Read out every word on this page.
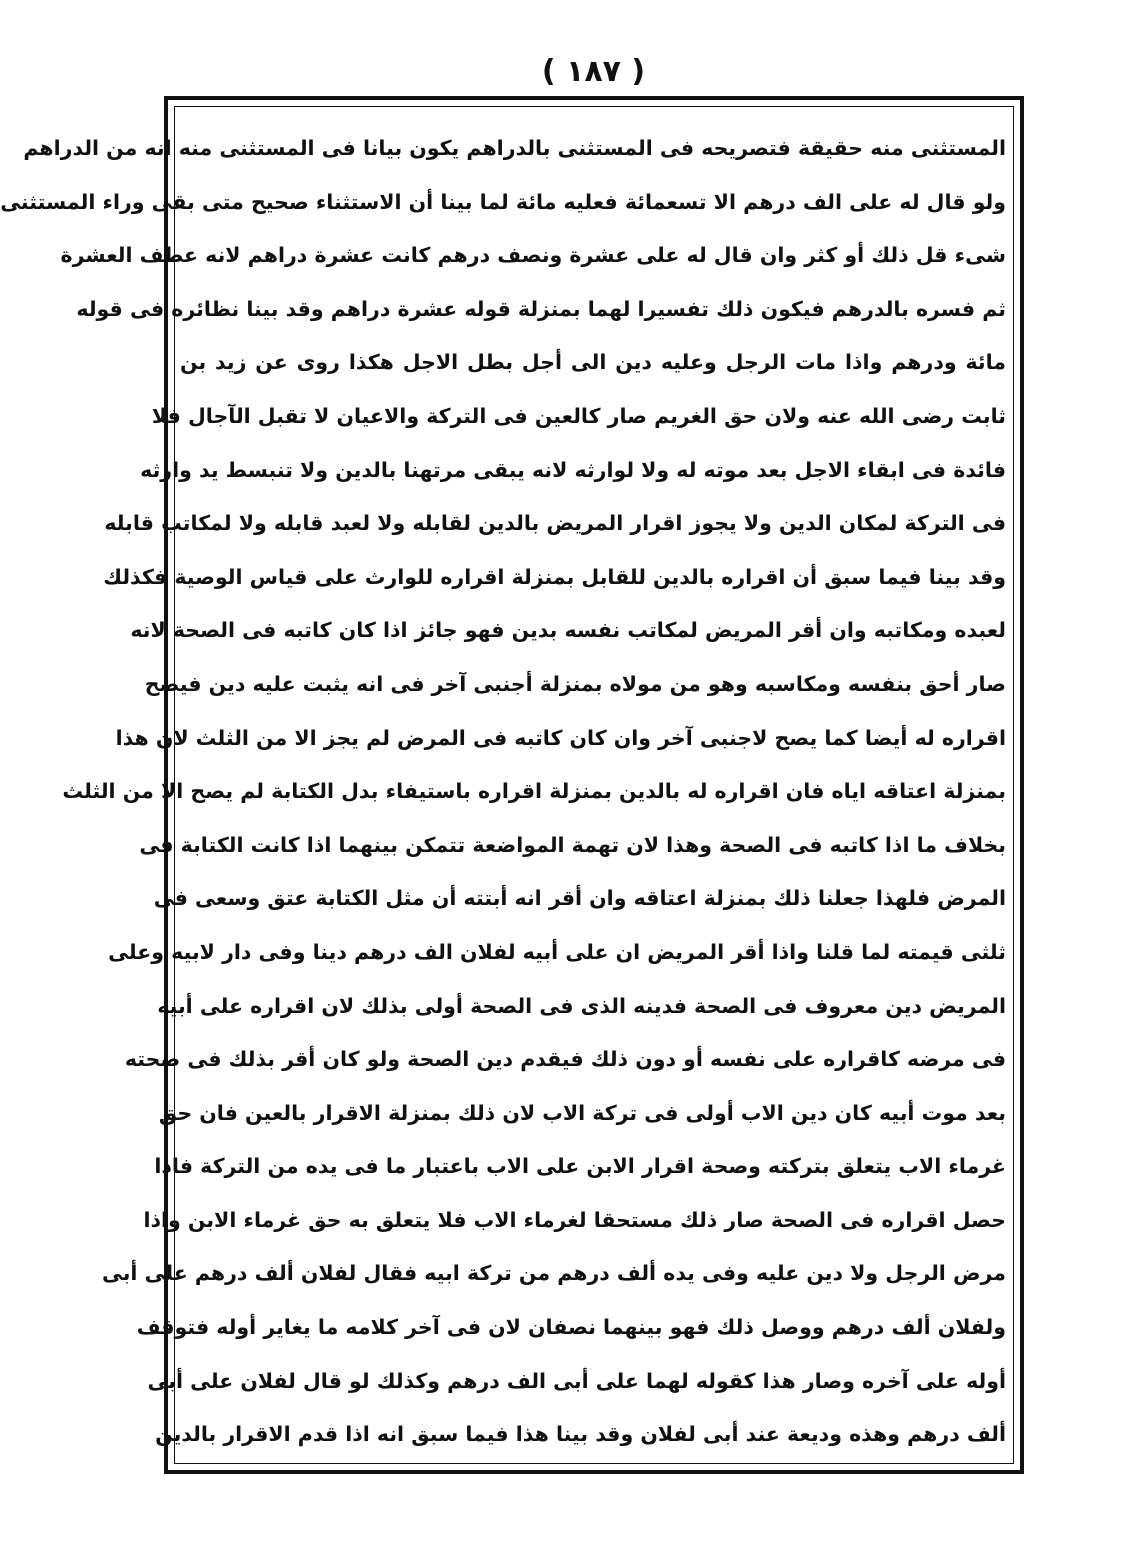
( ١٨٧ )
المستثنى منه حقيقة فتصريحه فى المستثنى بالدراهم يكون بيانا فى المستثنى منه انه من الدراهم
ولو قال له على الف درهم الا تسعمائة فعليه مائة لما بينا أن الاستثناء صحيح متى بقى وراء المستثنى
شىء قل ذلك أو كثر وان قال له على عشرة ونصف درهم كانت عشرة دراهم لانه عطف العشرة
ثم فسره بالدرهم فيكون ذلك تفسيرا لهما بمنزلة قوله عشرة دراهم وقد بينا نظائره فى قوله
مائة ودرهم واذا مات الرجل وعليه دين الى أجل بطل الاجل هكذا روى عن زيد بن
ثابت رضى الله عنه ولان حق الغريم صار كالعين فى التركة والاعيان لا تقبل الآجال فلا
فائدة فى ابقاء الاجل بعد موته له ولا لوارثه لانه يبقى مرتهنا بالدين ولا تنبسط يد وارثه
فى التركة لمكان الدين ولا يجوز اقرار المريض بالدين لقابله ولا لعبد قابله ولا لمكاتب قابله
وقد بينا فيما سبق أن اقراره بالدين للقابل بمنزلة اقراره للوارث على قياس الوصية فكذلك
لعبده ومكاتبه وان أقر المريض لمكاتب نفسه بدين فهو جائز اذا كان كاتبه فى الصحة لانه
صار أحق بنفسه ومكاسبه وهو من مولاه بمنزلة أجنبى آخر فى انه يثبت عليه دين فيصح
اقراره له أيضا كما يصح لاجنبى آخر وان كان كاتبه فى المرض لم يجز الا من الثلث لان هذا
بمنزلة اعتاقه اياه فان اقراره له بالدين بمنزلة اقراره باستيفاء بدل الكتابة لم يصح الا من الثلث
بخلاف ما اذا كاتبه فى الصحة وهذا لان تهمة المواضعة تتمكن بينهما اذا كانت الكتابة فى
المرض فلهذا جعلنا ذلك بمنزلة اعتاقه وان أقر انه أبتته أن مثل الكتابة عتق وسعى فى
ثلثى قيمته لما قلنا واذا أقر المريض ان على أبيه لفلان الف درهم دينا وفى دار لابيه وعلى
المريض دين معروف فى الصحة فدينه الذى فى الصحة أولى بذلك لان اقراره على أبيه
فى مرضه كاقراره على نفسه أو دون ذلك فيقدم دين الصحة ولو كان أقر بذلك فى صحته
بعد موت أبيه كان دين الاب أولى فى تركة الاب لان ذلك بمنزلة الاقرار بالعين فان حق
غرماء الاب يتعلق بتركته وصحة اقرار الابن على الاب باعتبار ما فى يده من التركة فاذا
حصل اقراره فى الصحة صار ذلك مستحقا لغرماء الاب فلا يتعلق به حق غرماء الابن واذا
مرض الرجل ولا دين عليه وفى يده ألف درهم من تركة ابيه فقال لفلان ألف درهم على أبى
ولفلان ألف درهم ووصل ذلك فهو بينهما نصفان لان فى آخر كلامه ما يغاير أوله فتوقف
أوله على آخره وصار هذا كقوله لهما على أبى الف درهم وكذلك لو قال لفلان على أبى
ألف درهم وهذه وديعة عند أبى لفلان وقد بينا هذا فيما سبق انه اذا قدم الاقرار بالدين
